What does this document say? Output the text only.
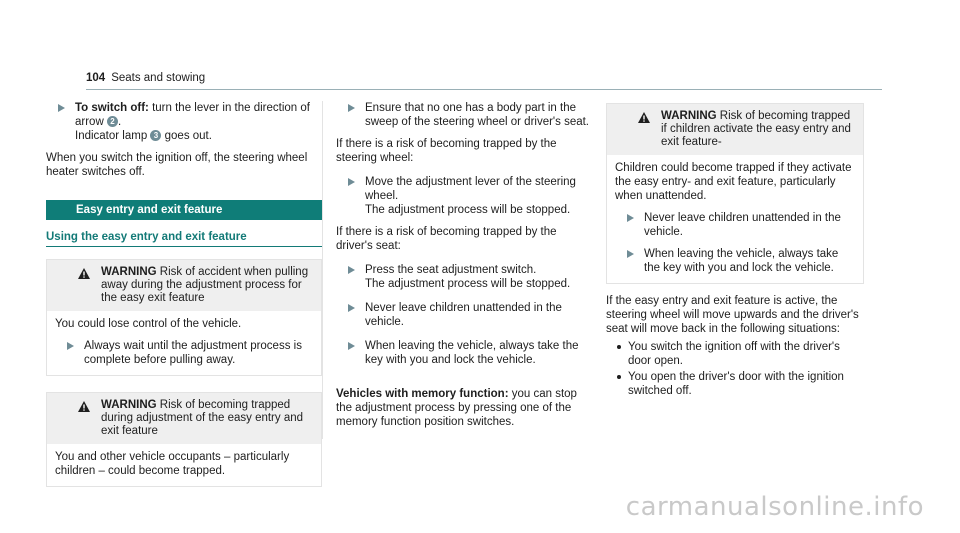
104 Seats and stowing
To switch off: turn the lever in the direction of arrow 2 .
Indicator lamp 3 goes out.

When you switch the ignition off, the steering wheel heater switches off.

Easy entry and exit feature
Using the easy entry and exit feature
WARNING Risk of accident when pulling away during the adjustment process for the easy exit feature

You could lose control of the vehicle.

Always wait until the adjustment process is complete before pulling away.
WARNING Risk of becoming trapped during adjustment of the easy entry and exit feature

You and other vehicle occupants – particularly children – could become trapped.

Ensure that no one has a body part in the sweep of the steering wheel or driver's seat.

If there is a risk of becoming trapped by the steering wheel:

Move the adjustment lever of the steering wheel.
The adjustment process will be stopped.

If there is a risk of becoming trapped by the driver's seat:

Press the seat adjustment switch.
The adjustment process will be stopped.
Never leave children unattended in the vehicle.
When leaving the vehicle, always take the key with you and lock the vehicle.

Vehicles with memory function: you can stop the adjustment process by pressing one of the memory function position switches.

WARNING Risk of becoming trapped if children activate the easy entry and exit feature-

Children could become trapped if they activate the easy entry- and exit feature, particularly when unattended.

Never leave children unattended in the vehicle.
When leaving the vehicle, always take the key with you and lock the vehicle.

If the easy entry and exit feature is active, the steering wheel will move upwards and the driver's seat will move back in the following situations:

You switch the ignition off with the driver's door open.
You open the driver's door with the ignition switched off.
carmanualsonline.info
